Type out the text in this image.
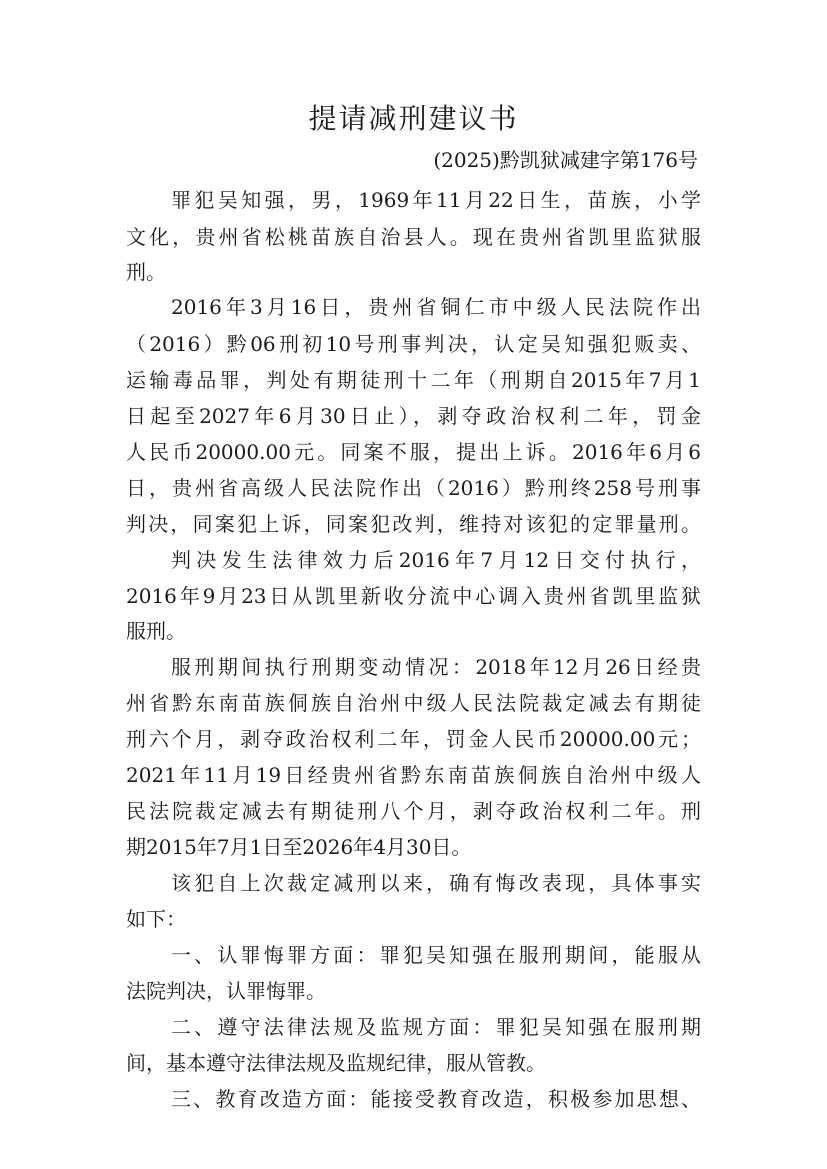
提请减刑建议书
(2025)黔凯狱减建字第176号
罪犯吴知强，男，1969年11月22日生，苗族，小学
文化，贵州省松桃苗族自治县人。现在贵州省凯里监狱服
刑。
2016年3月16日，贵州省铜仁市中级人民法院作出
（2016）黔06刑初10号刑事判决，认定吴知强犯贩卖、
运输毒品罪，判处有期徒刑十二年（刑期自2015年7月1
日起至2027年6月30日止），剥夺政治权利二年，罚金
人民币20000.00元。同案不服，提出上诉。2016年6月6
日，贵州省高级人民法院作出（2016）黔刑终258号刑事
判决，同案犯上诉，同案犯改判，维持对该犯的定罪量刑。
判决发生法律效力后2016年7月12日交付执行，
2016年9月23日从凯里新收分流中心调入贵州省凯里监狱
服刑。
服刑期间执行刑期变动情况：2018年12月26日经贵
州省黔东南苗族侗族自治州中级人民法院裁定减去有期徒
刑六个月，剥夺政治权利二年，罚金人民币20000.00元；
2021年11月19日经贵州省黔东南苗族侗族自治州中级人
民法院裁定减去有期徒刑八个月，剥夺政治权利二年。刑
期2015年7月1日至2026年4月30日。
该犯自上次裁定减刑以来，确有悔改表现，具体事实
如下：
一、认罪悔罪方面：罪犯吴知强在服刑期间，能服从
法院判决，认罪悔罪。
二、遵守法律法规及监规方面：罪犯吴知强在服刑期
间，基本遵守法律法规及监规纪律，服从管教。
三、教育改造方面：能接受教育改造，积极参加思想、
